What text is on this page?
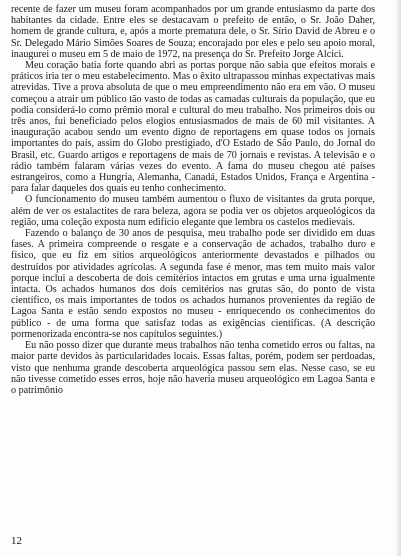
recente de fazer um museu foram acompanhados por um grande entusiasmo da parte dos habitantes da cidade. Entre eles se destacavam o prefeito de então, o Sr. João Daher, homem de grande cultura, e, após a morte prematura dele, o Sr. Sírio David de Abreu e o Sr. Delegado Mário Simões Soares de Souza; encorajado por eles e pelo seu apoio moral, inaugurei o museu em 5 de maio de 1972, na presença do Sr. Prefeito Jorge Alcici.

Meu coração batia forte quando abri as portas porque não sabia que efeitos morais e práticos iria ter o meu estabelecimento. Mas o êxito ultrapassou minhas expectativas mais atrevidas. Tive a prova absoluta de que o meu empreendimento não era em vão. O museu começou a atrair um público tão vasto de todas as camadas culturais da população, que eu podia considerá-lo como prêmio moral e cultural do meu trabalho. Nos primeiros dois ou três anos, fui beneficiado pelos elogios entusiasmados de mais de 60 mil visitantes. A inauguração acabou sendo um evento digno de reportagens em quase todos os jornais importantes do país, assim do Globo prestigiado, d'O Estado de São Paulo, do Jornal do Brasil, etc. Guardo artigos e reportagens de mais de 70 jornais e revistas. A televisão e o rádio também falaram várias vezes do evento. A fama do museu chegou até países estrangeiros, como a Hungria, Alemanha, Canadá, Estados Unidos, França e Argentina - para falar daqueles dos quais eu tenho conhecimento.

O funcionamento do museu também aumentou o fluxo de visitantes da gruta porque, além de ver os estalactites de rara beleza, agora se podia ver os objetos arqueológicos da região, uma coleção exposta num edifício elegante que lembra os castelos medievais.

Fazendo o balanço de 30 anos de pesquisa, meu trabalho pode ser dividido em duas fases. A primeira compreende o resgate e a conservação de achados, trabalho duro e físico, que eu fiz em sítios arqueológicos anteriormente devastados e pilhados ou destruídos por atividades agrícolas. A segunda fase é menor, mas tem muito mais valor porque inclui a descoberta de dois cemitérios intactos em grutas e uma urna igualmente intacta. Os achados humanos dos dois cemitérios nas grutas são, do ponto de vista científico, os mais importantes de todos os achados humanos provenientes da região de Lagoa Santa e estão sendo expostos no museu - enriquecendo os conhecimentos do público - de uma forma que satisfaz todas as exigências científicas. (A descrição pormenorizada encontra-se nos capítulos seguintes.)

Eu não posso dizer que durante meus trabalhos não tenha cometido erros ou faltas, na maior parte devidos às particularidades locais. Essas faltas, porém, podem ser perdoadas, visto que nenhuma grande descoberta arqueológica passou sem elas. Nesse caso, se eu não tivesse cometido esses erros, hoje não haveria museu arqueológico em Lagoa Santa e o patrimônio

12
